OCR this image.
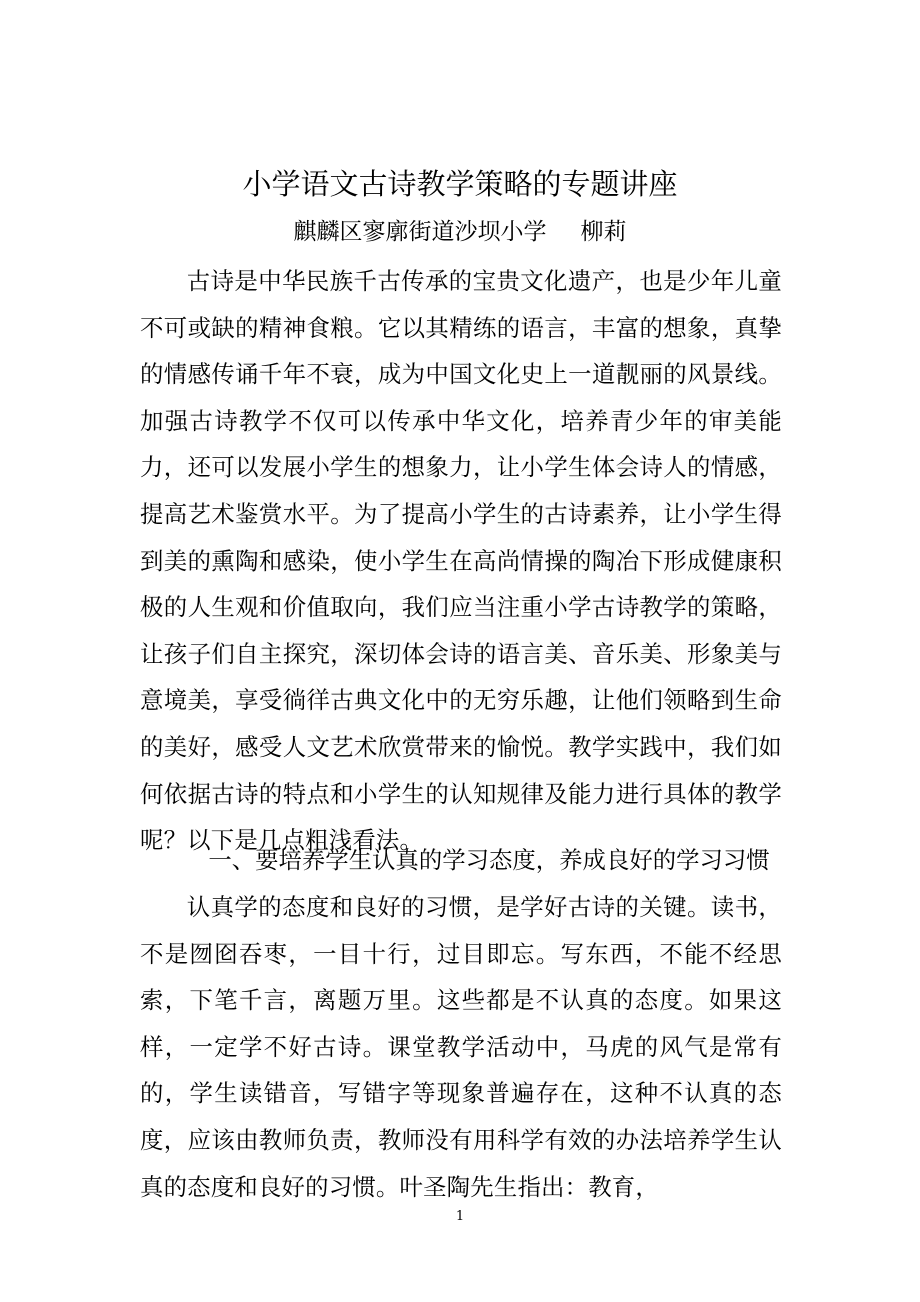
小学语文古诗教学策略的专题讲座
麒麟区寥廓街道沙坝小学 柳莉

古诗是中华民族千古传承的宝贵文化遗产，也是少年儿童不可或缺的精神食粮。它以其精练的语言，丰富的想象，真挚的情感传诵千年不衰，成为中国文化史上一道靓丽的风景线。加强古诗教学不仅可以传承中华文化，培养青少年的审美能力，还可以发展小学生的想象力，让小学生体会诗人的情感，提高艺术鉴赏水平。为了提高小学生的古诗素养，让小学生得到美的熏陶和感染，使小学生在高尚情操的陶冶下形成健康积极的人生观和价值取向，我们应当注重小学古诗教学的策略，让孩子们自主探究，深切体会诗的语言美、音乐美、形象美与意境美，享受徜徉古典文化中的无穷乐趣，让他们领略到生命的美好，感受人文艺术欣赏带来的愉悦。教学实践中，我们如何依据古诗的特点和小学生的认知规律及能力进行具体的教学呢？以下是几点粗浅看法。

一、要培养学生认真的学习态度，养成良好的学习习惯

认真学的态度和良好的习惯，是学好古诗的关键。读书，不是囫囵吞枣，一目十行，过目即忘。写东西，不能不经思索，下笔千言，离题万里。这些都是不认真的态度。如果这样，一定学不好古诗。课堂教学活动中，马虎的风气是常有的，学生读错音，写错字等现象普遍存在，这种不认真的态度，应该由教师负责，教师没有用科学有效的办法培养学生认真的态度和良好的习惯。叶圣陶先生指出：教育，

1
